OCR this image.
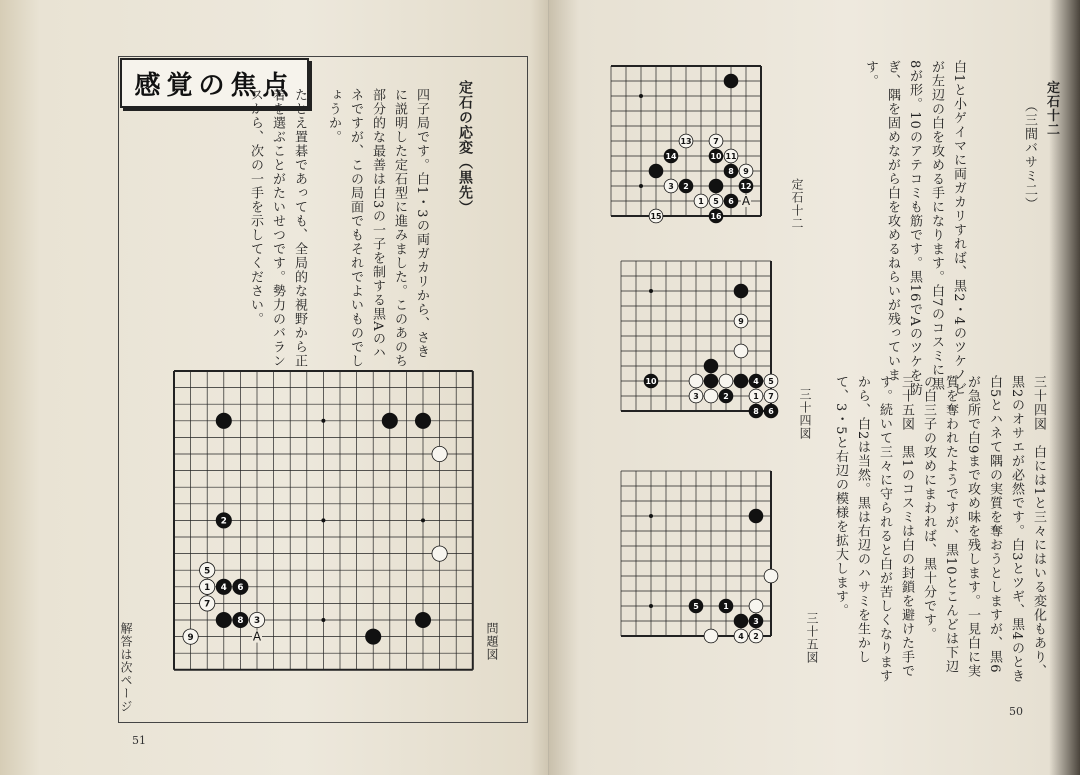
感覚の焦点	定石の応変（黒先）
四子局です。白1・3の両ガカリから、さきに説明した定石型に進みました。このあのち部分的な最善は白3の一子を制する黒Aのハネですが、この局面でもそれでよいものでしょうか。
たとえ置碁であっても、全局的な視野から正着を選ぶことがたいせつです。勢力のバランスから、次の一手を示してください。
2
5
1 4 6
7
8 3
9	A	問題図
解答は次ページ
51

定石十二
（三間バサミ二）

白1と小ゲイマに両ガカリすれば、黒2・4のツケノビが左辺の白を攻める手になります。白7のコスミに黒8が形。10のアテコミも筋です。黒16でAのツケを防ぎ、隅を固めながら白を攻めるねらいが残っています。
三十四図　白には1と三々にはいる変化もあり、黒2のオサエが必然です。白3とツギ、黒4のとき白5とハネて隅の実質を奪おうとしますが、黒6が急所で白9まで攻め味を残します。一見白に実質を奪われたようですが、黒10とこんどは下辺の白三子の攻めにまわれば、黒十分です。
三十五図　黒1のコスミは白の封鎖を避けた手です。続いて三々に守られると白が苦しくなりますから、白2は当然。黒は右辺のハサミを生かして、3・5と右辺の模様を拡大します。
13	7
14	10 11
8 9
3 2	12
1 5 6
15	16
A
9
10	4 5
3	2	1 7
8 6
5	1
3
4 2
定石十二
三十四図
三十五図
50
